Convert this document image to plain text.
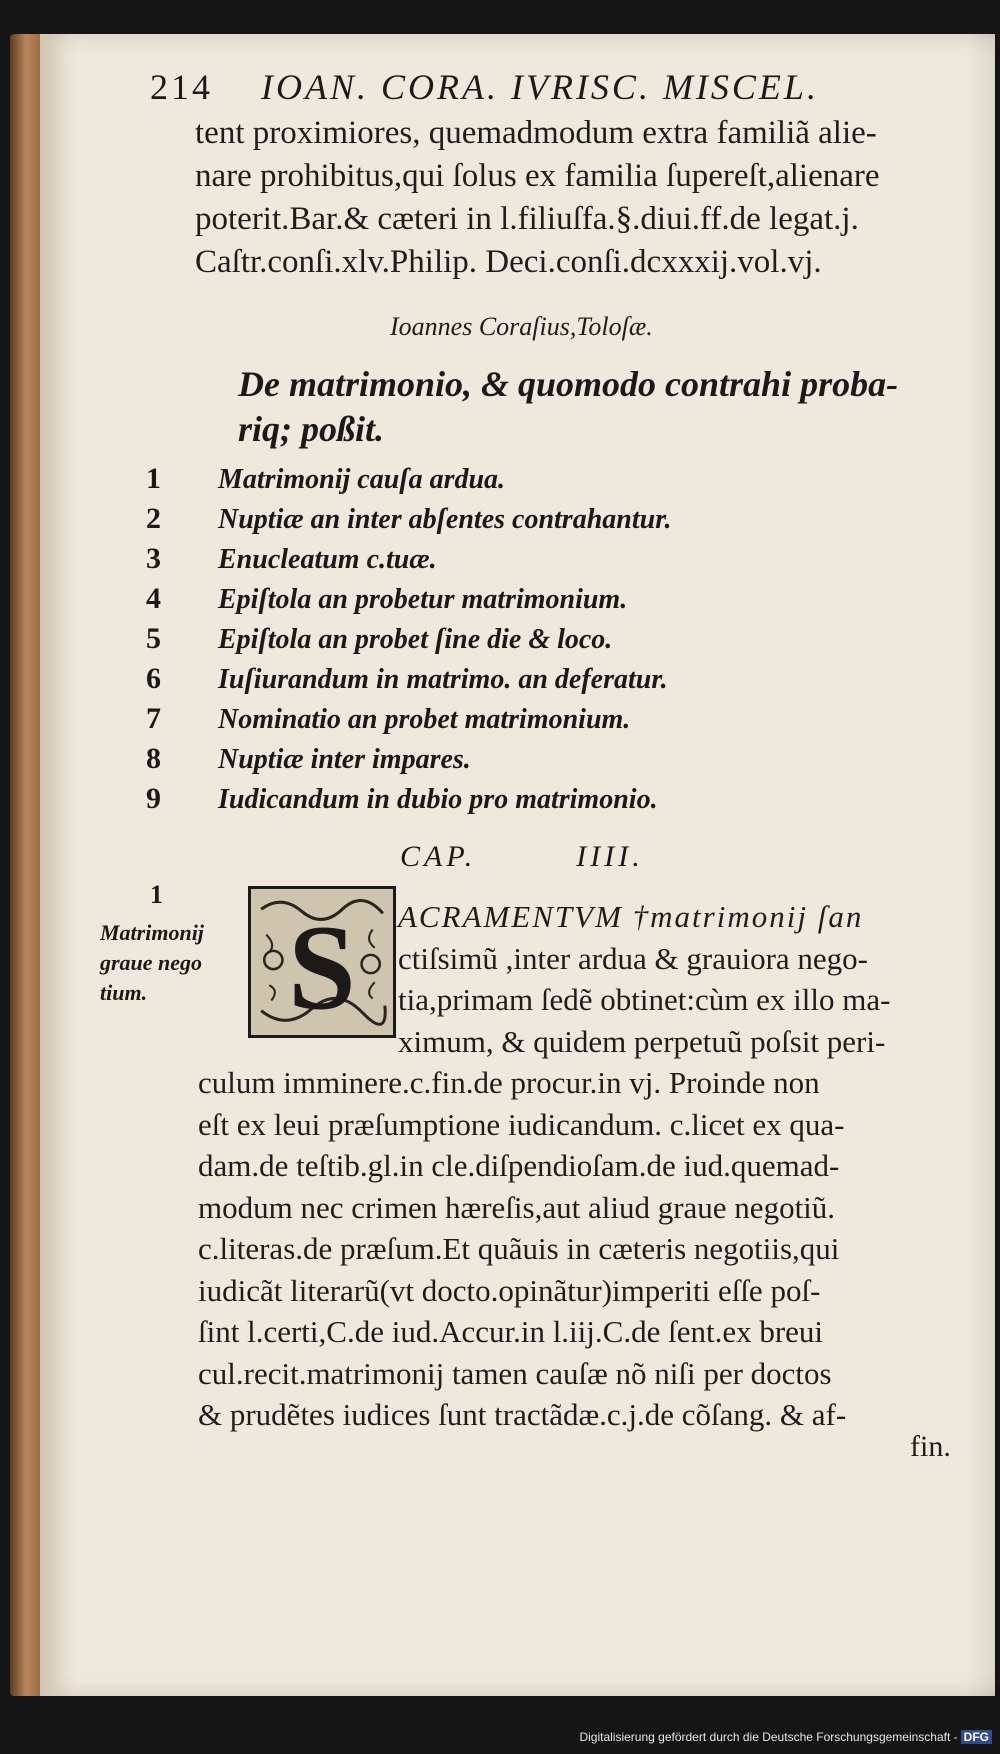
214 IOAN. CORA. IVRISC. MISCEL.
tent proximiores, quemadmodum extra familiã alie-
nare prohibitus,qui ſolus ex familia ſupereſt,alienare
poterit.Bar.& cæteri in l.filiuſfa.§.diui.ff.de legat.j.
Caſtr.conſi.xlv.Philip. Deci.conſi.dcxxxij.vol.vj.
Ioannes Coraſius,Toloſæ.
De matrimonio, & quomodo contrahi proba-
riq; poßit.
1	Matrimonij cauſa ardua.
2	Nuptiæ an inter abſentes contrahantur.
3	Enucleatum c.tuæ.
4	Epiſtola an probetur matrimonium.
5	Epiſtola an probet ſine die & loco.
6	Iuſiurandum in matrimo. an deferatur.
7	Nominatio an probet matrimonium.
8	Nuptiæ inter impares.
9	Iudicandum in dubio pro matrimonio.
CAP.	IIII.
1
Matrimonij
graue nego
tium.
ACRAMENTVM †matrimonij ſan
ctiſsimũ ,inter ardua & grauiora nego-
tia,primam ſedẽ obtinet:cùm ex illo ma-
ximum, & quidem perpetuũ poſsit peri-
culum imminere.c.fin.de procur.in vj. Proinde non
eſt ex leui præſumptione iudicandum. c.licet ex qua-
dam.de teſtib.gl.in cle.diſpendioſam.de iud.quemad-
modum nec crimen hæreſis,aut aliud graue negotiũ.
c.literas.de præſum.Et quãuis in cæteris negotiis,qui
iudicãt literarũ(vt docto.opinãtur)imperiti eſſe poſ-
ſint l.certi,C.de iud.Accur.in l.iij.C.de ſent.ex breui
cul.recit.matrimonij tamen cauſæ nõ niſi per doctos
& prudẽtes iudices ſunt tractãdæ.c.j.de cõſang. & af-
S
fin.
Digitalisierung gefördert durch die Deutsche Forschungsgemeinschaft - DFG
